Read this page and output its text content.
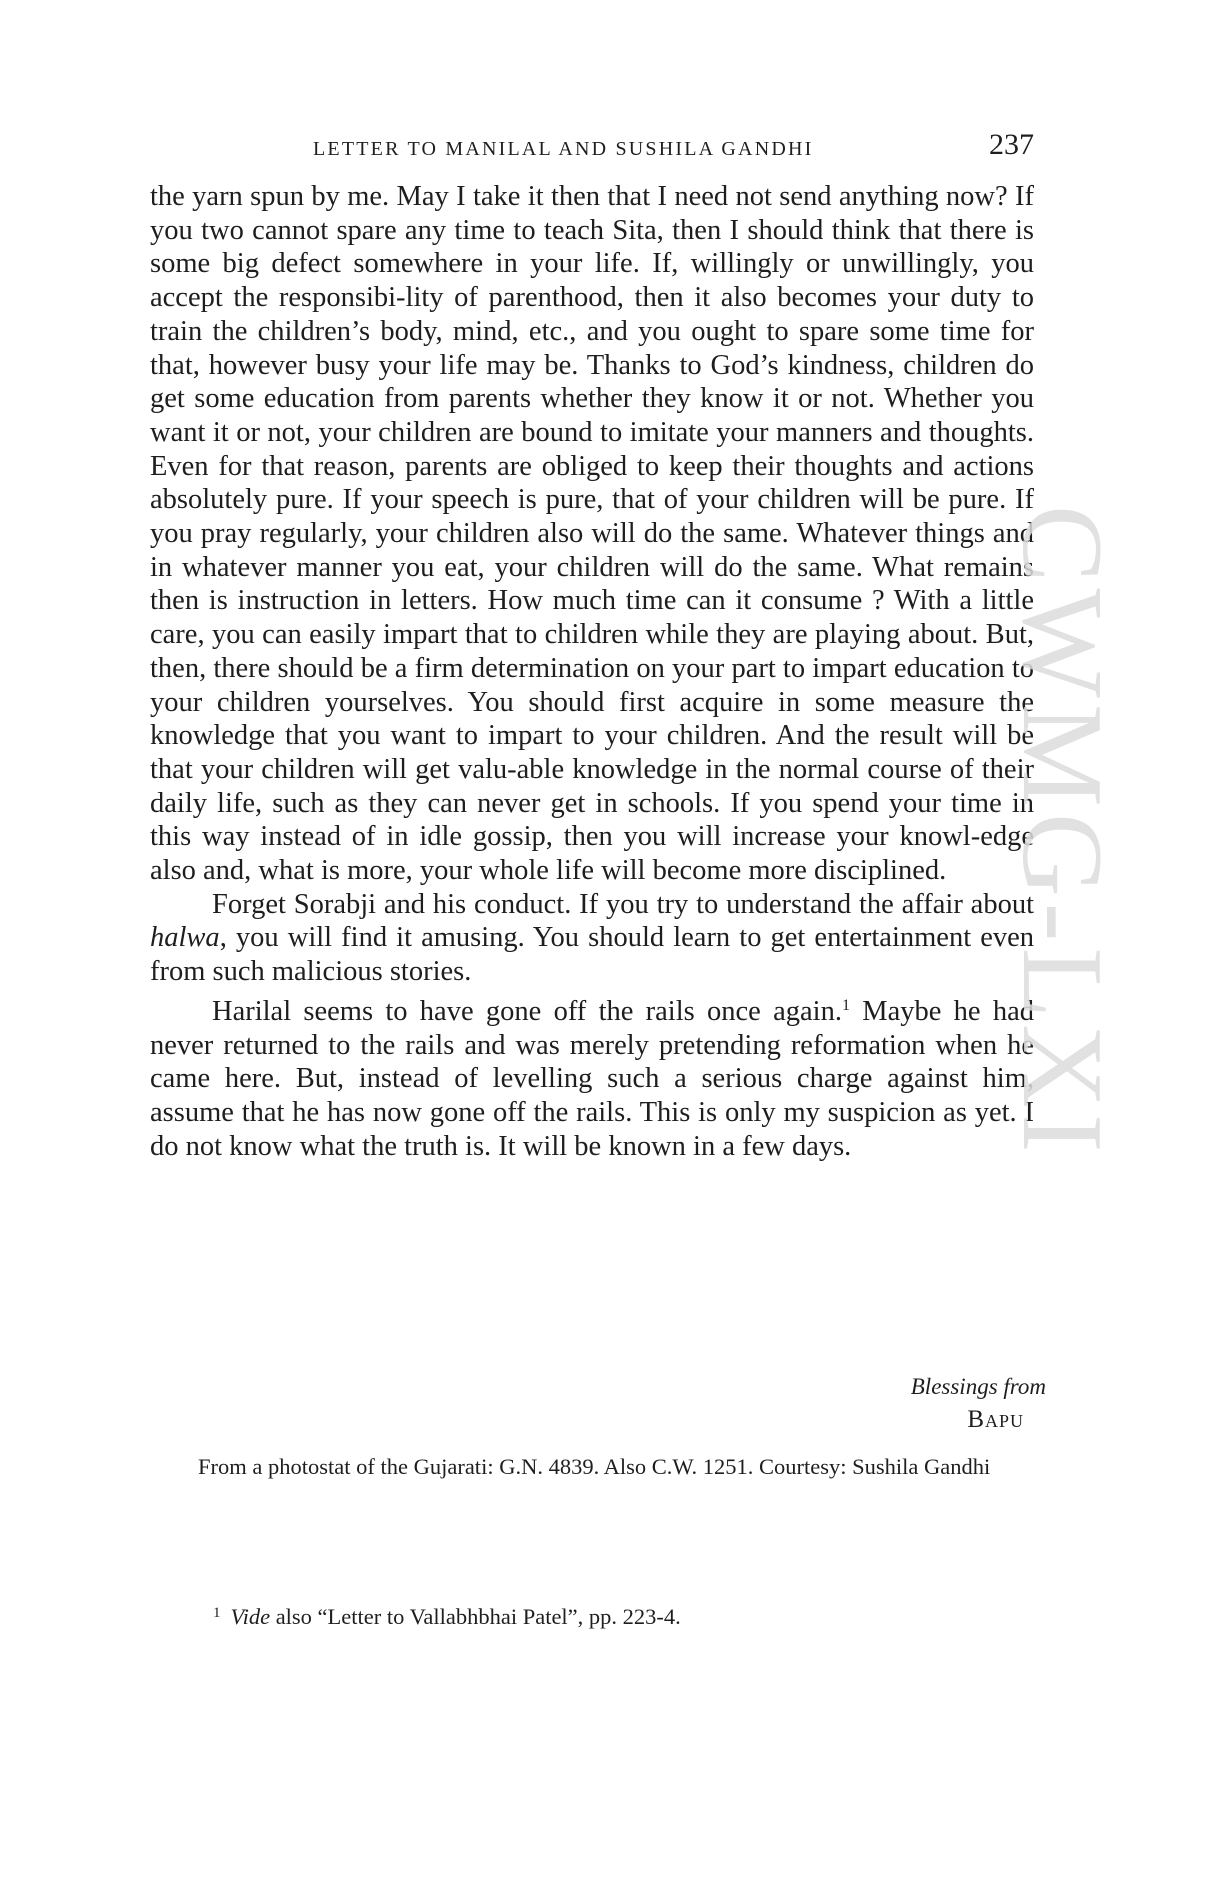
LETTER TO MANILAL AND SUSHILA GANDHI	237

the yarn spun by me. May I take it then that I need not send anything now? If you two cannot spare any time to teach Sita, then I should think that there is some big defect somewhere in your life. If, willingly or unwillingly, you accept the responsibi-lity of parenthood, then it also becomes your duty to train the children’s body, mind, etc., and you ought to spare some time for that, however busy your life may be. Thanks to God’s kindness, children do get some education from parents whether they know it or not. Whether you want it or not, your children are bound to imitate your manners and thoughts. Even for that reason, parents are obliged to keep their thoughts and actions absolutely pure. If your speech is pure, that of your children will be pure. If you pray regularly, your children also will do the same. Whatever things and in whatever manner you eat, your children will do the same. What remains then is instruction in letters. How much time can it consume ? With a little care, you can easily impart that to children while they are playing about. But, then, there should be a firm determination on your part to impart education to your children yourselves. You should first acquire in some measure the knowledge that you want to impart to your children. And the result will be that your children will get valu-able knowledge in the normal course of their daily life, such as they can never get in schools. If you spend your time in this way instead of in idle gossip, then you will increase your knowl-edge also and, what is more, your whole life will become more disciplined.

Forget Sorabji and his conduct. If you try to understand the affair about halwa, you will find it amusing. You should learn to get entertainment even from such malicious stories.

Harilal seems to have gone off the rails once again.$^1$ Maybe he had never returned to the rails and was merely pretending reformation when he came here. But, instead of levelling such a serious charge against him, assume that he has now gone off the rails. This is only my suspicion as yet. I do not know what the truth is. It will be known in a few days.

Blessings from
Bapu
From a photostat of the Gujarati: G.N. 4839. Also C.W. 1251. Courtesy: Sushila Gandhi
$^1$ Vide also “Letter to Vallabhbhai Patel”, pp. 223-4.
CWMG-LXI
